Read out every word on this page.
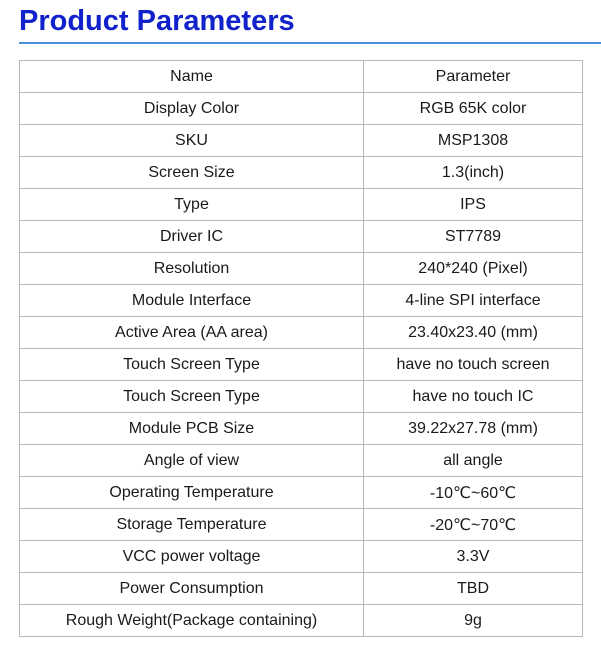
Product Parameters
Name	Parameter
Display Color	RGB 65K color
SKU	MSP1308
Screen Size	1.3(inch)
Type	IPS
Driver IC	ST7789
Resolution	240*240 (Pixel)
Module Interface	4-line SPI interface
Active Area (AA area)	23.40x23.40 (mm)
Touch Screen Type	have no touch screen
Touch Screen Type	have no touch IC
Module PCB Size	39.22x27.78 (mm)
Angle of view	all angle
Operating Temperature	-10℃~60℃
Storage Temperature	-20℃~70℃
VCC power voltage	3.3V
Power Consumption	TBD
Rough Weight(Package containing)	9g
